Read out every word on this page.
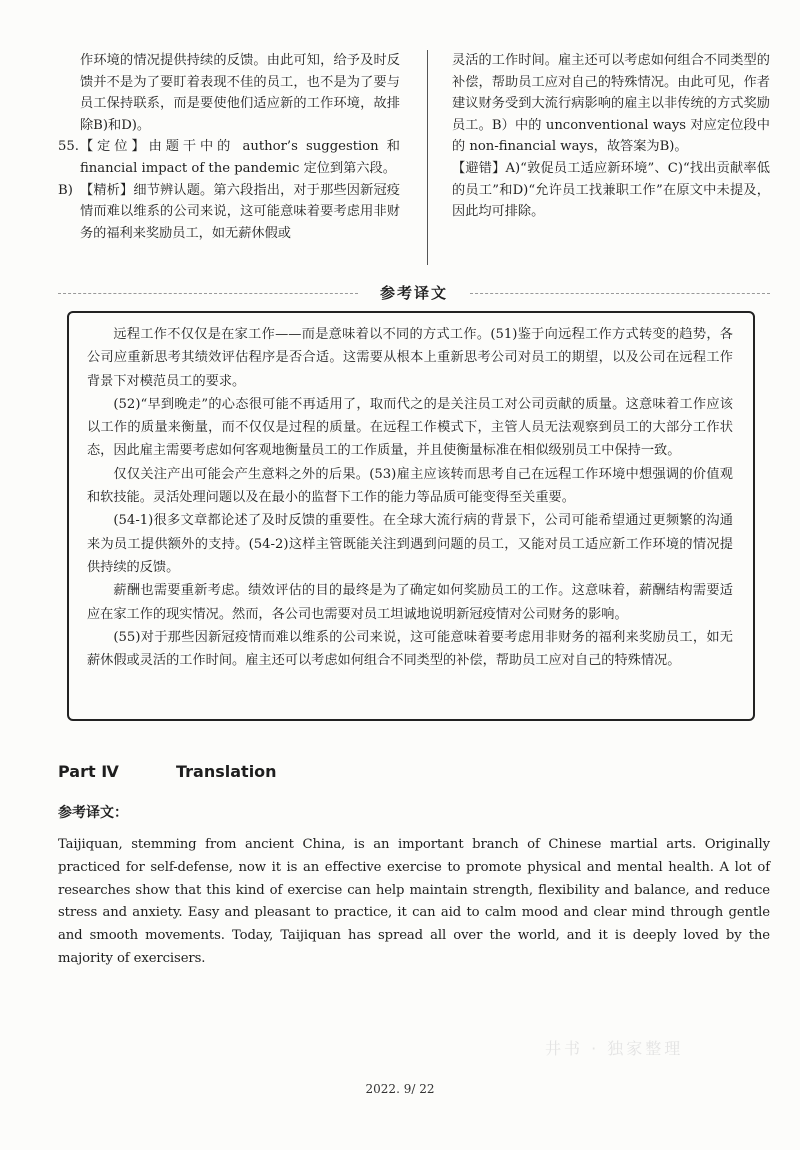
作环境的情况提供持续的反馈。由此可知，给予及时反馈并不是为了要盯着表现不佳的员工，也不是为了要与员工保持联系，而是要使他们适应新的工作环境，故排除B)和D)。

55. 【定位】由题干中的 author’s suggestion 和 financial impact of the pandemic 定位到第六段。
B) 【精析】细节辨认题。第六段指出，对于那些因新冠疫情而难以维系的公司来说，这可能意味着要考虑用非财务的福利来奖励员工，如无薪休假或

灵活的工作时间。雇主还可以考虑如何组合不同类型的补偿，帮助员工应对自己的特殊情况。由此可见，作者建议财务受到大流行病影响的雇主以非传统的方式奖励员工。B）中的 unconventional ways 对应定位段中的 non-financial ways，故答案为B)。

【避错】A)“敦促员工适应新环境”、C)“找出贡献率低的员工”和D)“允许员工找兼职工作”在原文中未提及，因此均可排除。

参考译文

远程工作不仅仅是在家工作——而是意味着以不同的方式工作。(51)鉴于向远程工作方式转变的趋势，各公司应重新思考其绩效评估程序是否合适。这需要从根本上重新思考公司对员工的期望，以及公司在远程工作背景下对模范员工的要求。

(52)“早到晚走”的心态很可能不再适用了，取而代之的是关注员工对公司贡献的质量。这意味着工作应该以工作的质量来衡量，而不仅仅是过程的质量。在远程工作模式下，主管人员无法观察到员工的大部分工作状态，因此雇主需要考虑如何客观地衡量员工的工作质量，并且使衡量标准在相似级别员工中保持一致。

仅仅关注产出可能会产生意料之外的后果。(53)雇主应该转而思考自己在远程工作环境中想强调的价值观和软技能。灵活处理问题以及在最小的监督下工作的能力等品质可能变得至关重要。

(54-1)很多文章都论述了及时反馈的重要性。在全球大流行病的背景下，公司可能希望通过更频繁的沟通来为员工提供额外的支持。(54-2)这样主管既能关注到遇到问题的员工，又能对员工适应新工作环境的情况提供持续的反馈。

薪酬也需要重新考虑。绩效评估的目的最终是为了确定如何奖励员工的工作。这意味着，薪酬结构需要适应在家工作的现实情况。然而，各公司也需要对员工坦诚地说明新冠疫情对公司财务的影响。

(55)对于那些因新冠疫情而难以维系的公司来说，这可能意味着要考虑用非财务的福利来奖励员工，如无薪休假或灵活的工作时间。雇主还可以考虑如何组合不同类型的补偿，帮助员工应对自己的特殊情况。

Part Ⅳ	Translation
参考译文：

Taijiquan, stemming from ancient China, is an important branch of Chinese martial arts. Originally practiced for self-defense, now it is an effective exercise to promote physical and mental health. A lot of researches show that this kind of exercise can help maintain strength, flexibility and balance, and reduce stress and anxiety. Easy and pleasant to practice, it can aid to calm mood and clear mind through gentle and smooth movements. Today, Taijiquan has spread all over the world, and it is deeply loved by the majority of exercisers.

井书 · 独家整理
2022. 9/ 22
